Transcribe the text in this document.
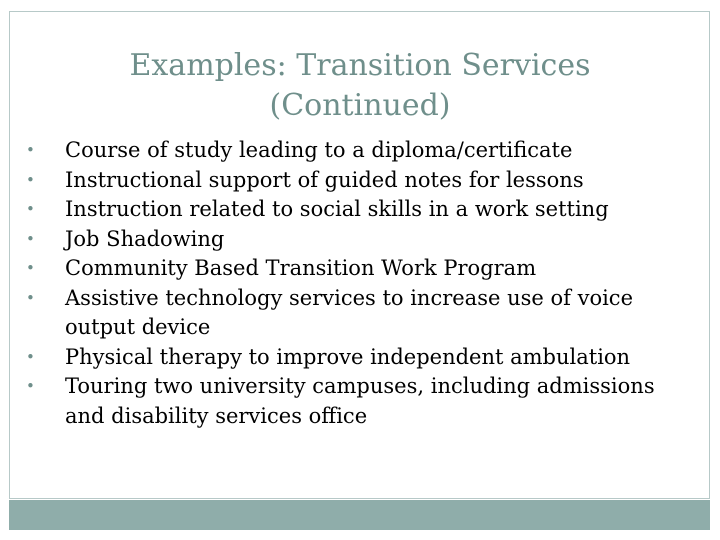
Examples: Transition Services
(Continued)
• Course of study leading to a diploma/certificate
• Instructional support of guided notes for lessons
• Instruction related to social skills in a work setting
• Job Shadowing
• Community Based Transition Work Program
• Assistive technology services to increase use of voice output device
• Physical therapy to improve independent ambulation
• Touring two university campuses, including admissions and disability services office
